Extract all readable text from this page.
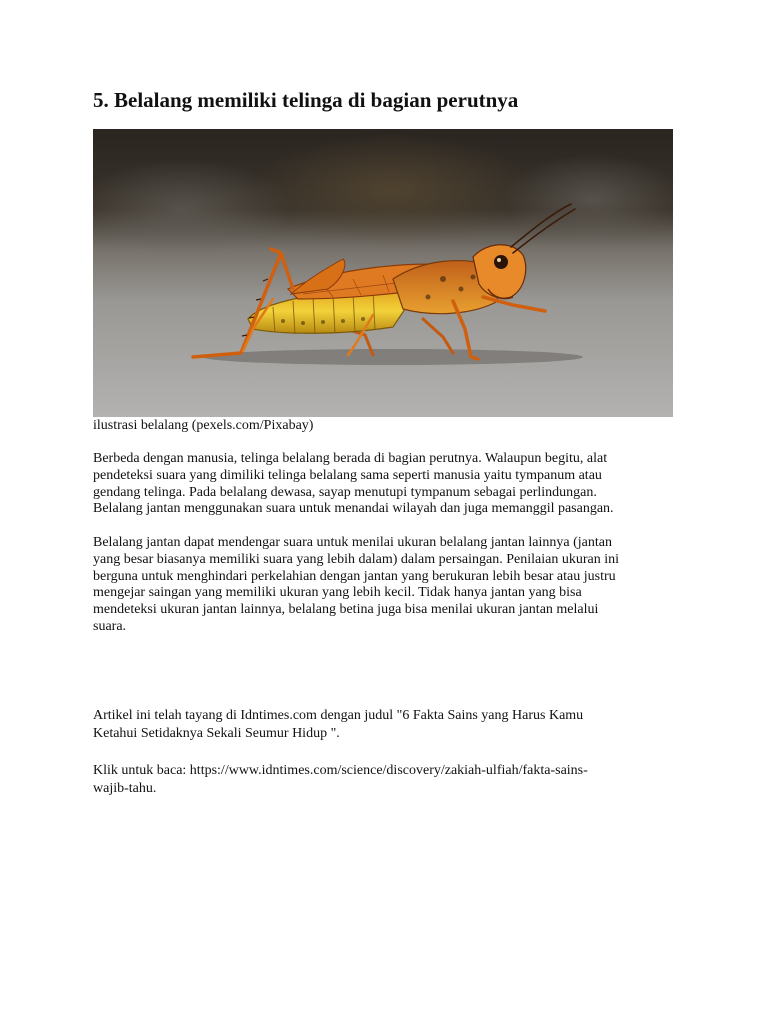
5. Belalang memiliki telinga di bagian perutnya

ilustrasi belalang (pexels.com/Pixabay)

Berbeda dengan manusia, telinga belalang berada di bagian perutnya. Walaupun begitu, alat
pendeteksi suara yang dimiliki telinga belalang sama seperti manusia yaitu tympanum atau
gendang telinga. Pada belalang dewasa, sayap menutupi tympanum sebagai perlindungan.
Belalang jantan menggunakan suara untuk menandai wilayah dan juga memanggil pasangan.

Belalang jantan dapat mendengar suara untuk menilai ukuran belalang jantan lainnya (jantan
yang besar biasanya memiliki suara yang lebih dalam) dalam persaingan. Penilaian ukuran ini
berguna untuk menghindari perkelahian dengan jantan yang berukuran lebih besar atau justru
mengejar saingan yang memiliki ukuran yang lebih kecil. Tidak hanya jantan yang bisa
mendeteksi ukuran jantan lainnya, belalang betina juga bisa menilai ukuran jantan melalui
suara.

Artikel ini telah tayang di Idntimes.com dengan judul "6 Fakta Sains yang Harus Kamu
Ketahui Setidaknya Sekali Seumur Hidup ".

Klik untuk baca: https://www.idntimes.com/science/discovery/zakiah-ulfiah/fakta-sains-
wajib-tahu.
